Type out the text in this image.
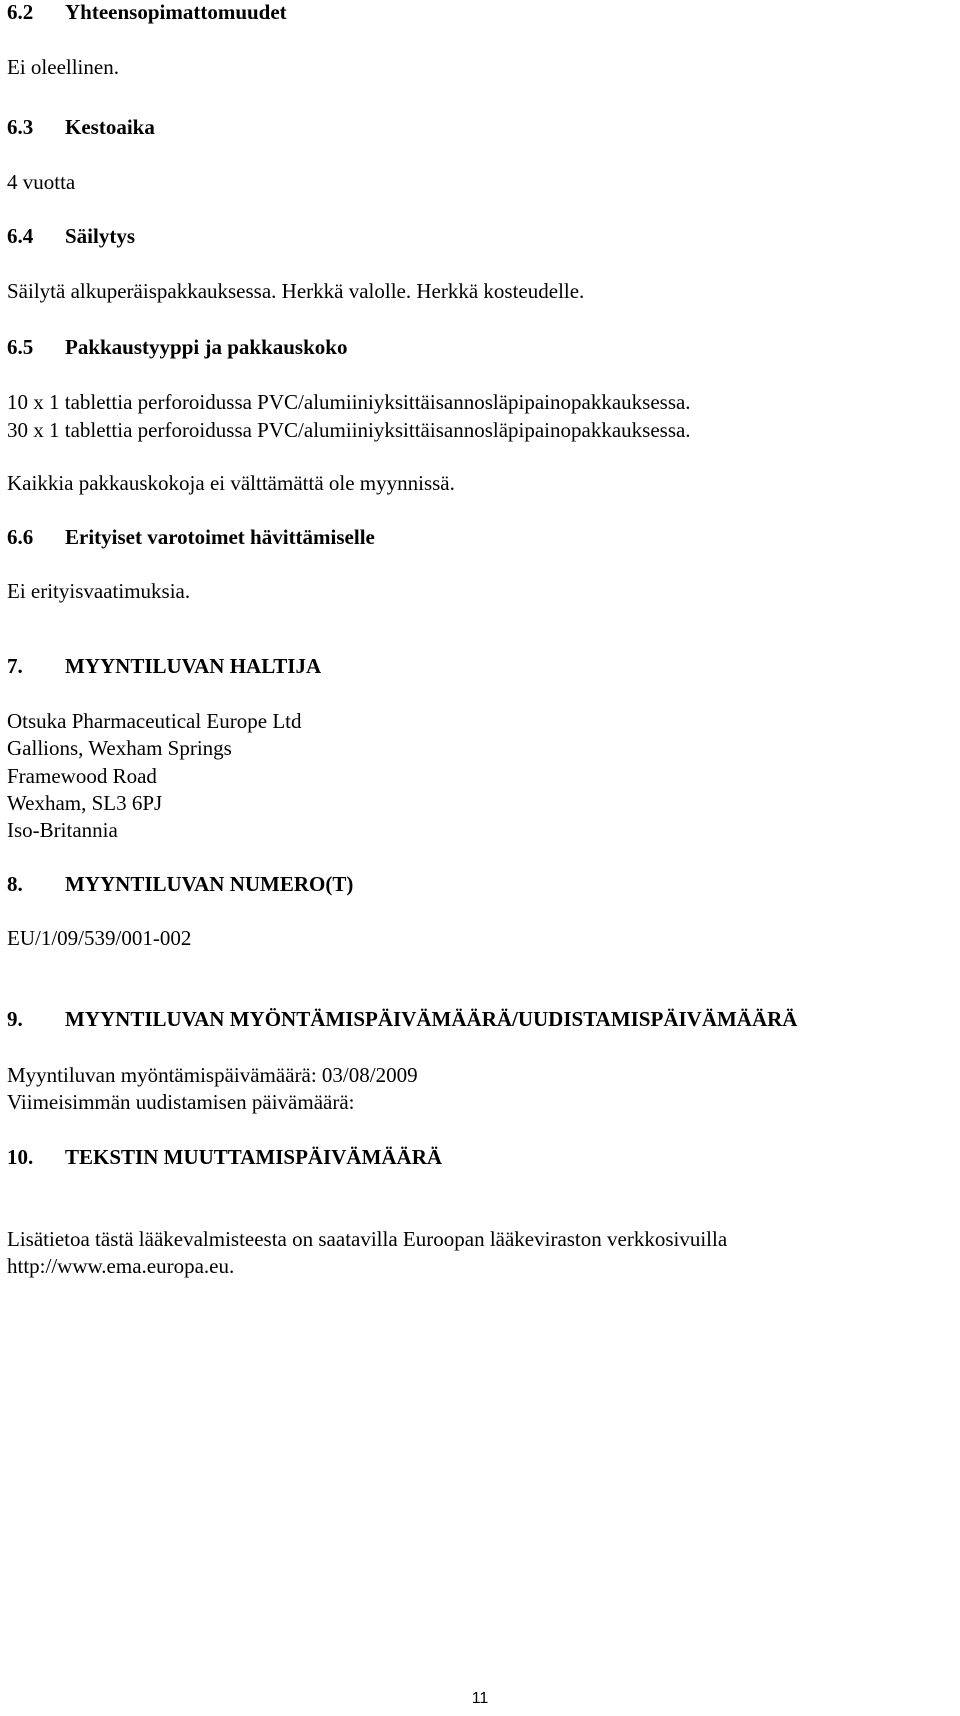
6.2 Yhteensopimattomuudet
Ei oleellinen.
6.3 Kestoaika
4 vuotta
6.4 Säilytys
Säilytä alkuperäispakkauksessa. Herkkä valolle. Herkkä kosteudelle.
6.5 Pakkaustyyppi ja pakkauskoko
10 x 1 tablettia perforoidussa PVC/alumiiniyksittäisannosläpipainopakkauksessa.
30 x 1 tablettia perforoidussa PVC/alumiiniyksittäisannosläpipainopakkauksessa.
Kaikkia pakkauskokoja ei välttämättä ole myynnissä.
6.6 Erityiset varotoimet hävittämiselle
Ei erityisvaatimuksia.
7. MYYNTILUVAN HALTIJA
Otsuka Pharmaceutical Europe Ltd
Gallions, Wexham Springs
Framewood Road
Wexham, SL3 6PJ
Iso-Britannia
8. MYYNTILUVAN NUMERO(T)
EU/1/09/539/001-002
9. MYYNTILUVAN MYÖNTÄMISPÄIVÄMÄÄRÄ/UUDISTAMISPÄIVÄMÄÄRÄ
Myyntiluvan myöntämispäivämäärä: 03/08/2009
Viimeisimmän uudistamisen päivämäärä:
10. TEKSTIN MUUTTAMISPÄIVÄMÄÄRÄ
Lisätietoa tästä lääkevalmisteesta on saatavilla Euroopan lääkeviraston verkkosivuilla
http://www.ema.europa.eu.
11
